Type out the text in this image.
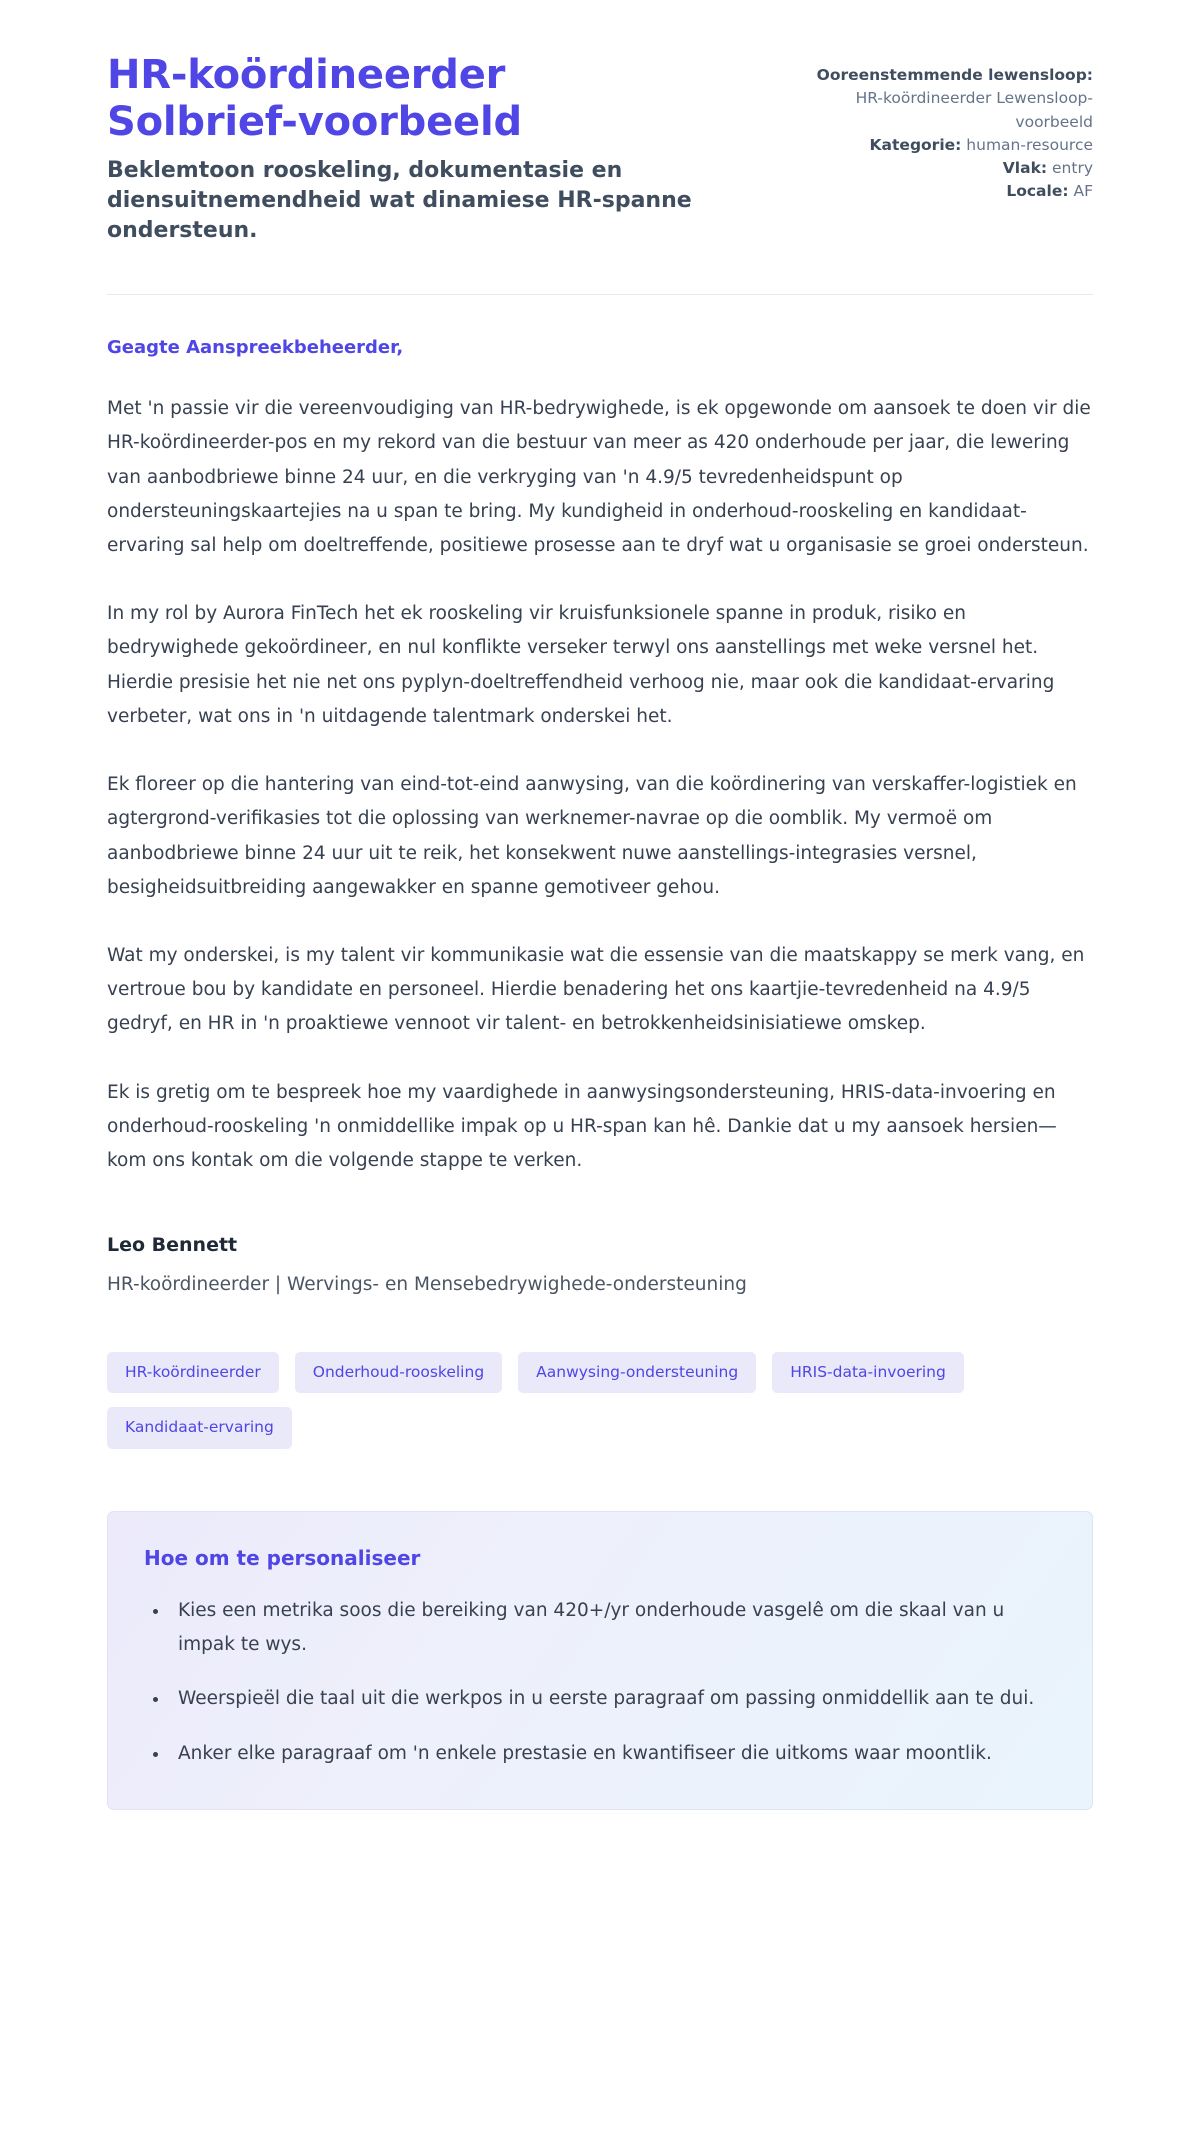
HR-koördineerder Solbrief-voorbeeld

Beklemtoon rooskeling, dokumentasie en diensuitnemendheid wat dinamiese HR-spanne ondersteun.

Ooreenstemmende lewensloop: HR-koördineerder Lewensloop-voorbeeld
Kategorie: human-resource
Vlak: entry
Locale: AF

Geagte Aanspreekbeheerder,

Met 'n passie vir die vereenvoudiging van HR-bedrywighede, is ek opgewonde om aansoek te doen vir die HR-koördineerder-pos en my rekord van die bestuur van meer as 420 onderhoude per jaar, die lewering van aanbodbriewe binne 24 uur, en die verkryging van 'n 4.9/5 tevredenheidspunt op ondersteuningskaartejies na u span te bring. My kundigheid in onderhoud-rooskeling en kandidaat-ervaring sal help om doeltreffende, positiewe prosesse aan te dryf wat u organisasie se groei ondersteun.

In my rol by Aurora FinTech het ek rooskeling vir kruisfunksionele spanne in produk, risiko en bedrywighede gekoördineer, en nul konflikte verseker terwyl ons aanstellings met weke versnel het. Hierdie presisie het nie net ons pyplyn-doeltreffendheid verhoog nie, maar ook die kandidaat-ervaring verbeter, wat ons in 'n uitdagende talentmark onderskei het.

Ek floreer op die hantering van eind-tot-eind aanwysing, van die koördinering van verskaffer-logistiek en agtergrond-verifikasies tot die oplossing van werknemer-navrae op die oomblik. My vermoë om aanbodbriewe binne 24 uur uit te reik, het konsekwent nuwe aanstellings-integrasies versnel, besigheidsuitbreiding aangewakker en spanne gemotiveer gehou.

Wat my onderskei, is my talent vir kommunikasie wat die essensie van die maatskappy se merk vang, en vertroue bou by kandidate en personeel. Hierdie benadering het ons kaartjie-tevredenheid na 4.9/5 gedryf, en HR in 'n proaktiewe vennoot vir talent- en betrokkenheidsinisiatiewe omskep.

Ek is gretig om te bespreek hoe my vaardighede in aanwysingsondersteuning, HRIS-data-invoering en onderhoud-rooskeling 'n onmiddellike impak op u HR-span kan hê. Dankie dat u my aansoek hersien—kom ons kontak om die volgende stappe te verken.

Leo Bennett

HR-koördineerder | Wervings- en Mensebedrywighede-ondersteuning

HR-koördineerder	Onderhoud-rooskeling	Aanwysing-ondersteuning	HRIS-data-invoering
Kandidaat-ervaring

Hoe om te personaliseer

• Kies een metrika soos die bereiking van 420+/yr onderhoude vasgelê om die skaal van u impak te wys.
• Weerspieël die taal uit die werkpos in u eerste paragraaf om passing onmiddellik aan te dui.
• Anker elke paragraaf om 'n enkele prestasie en kwantifiseer die uitkoms waar moontlik.
